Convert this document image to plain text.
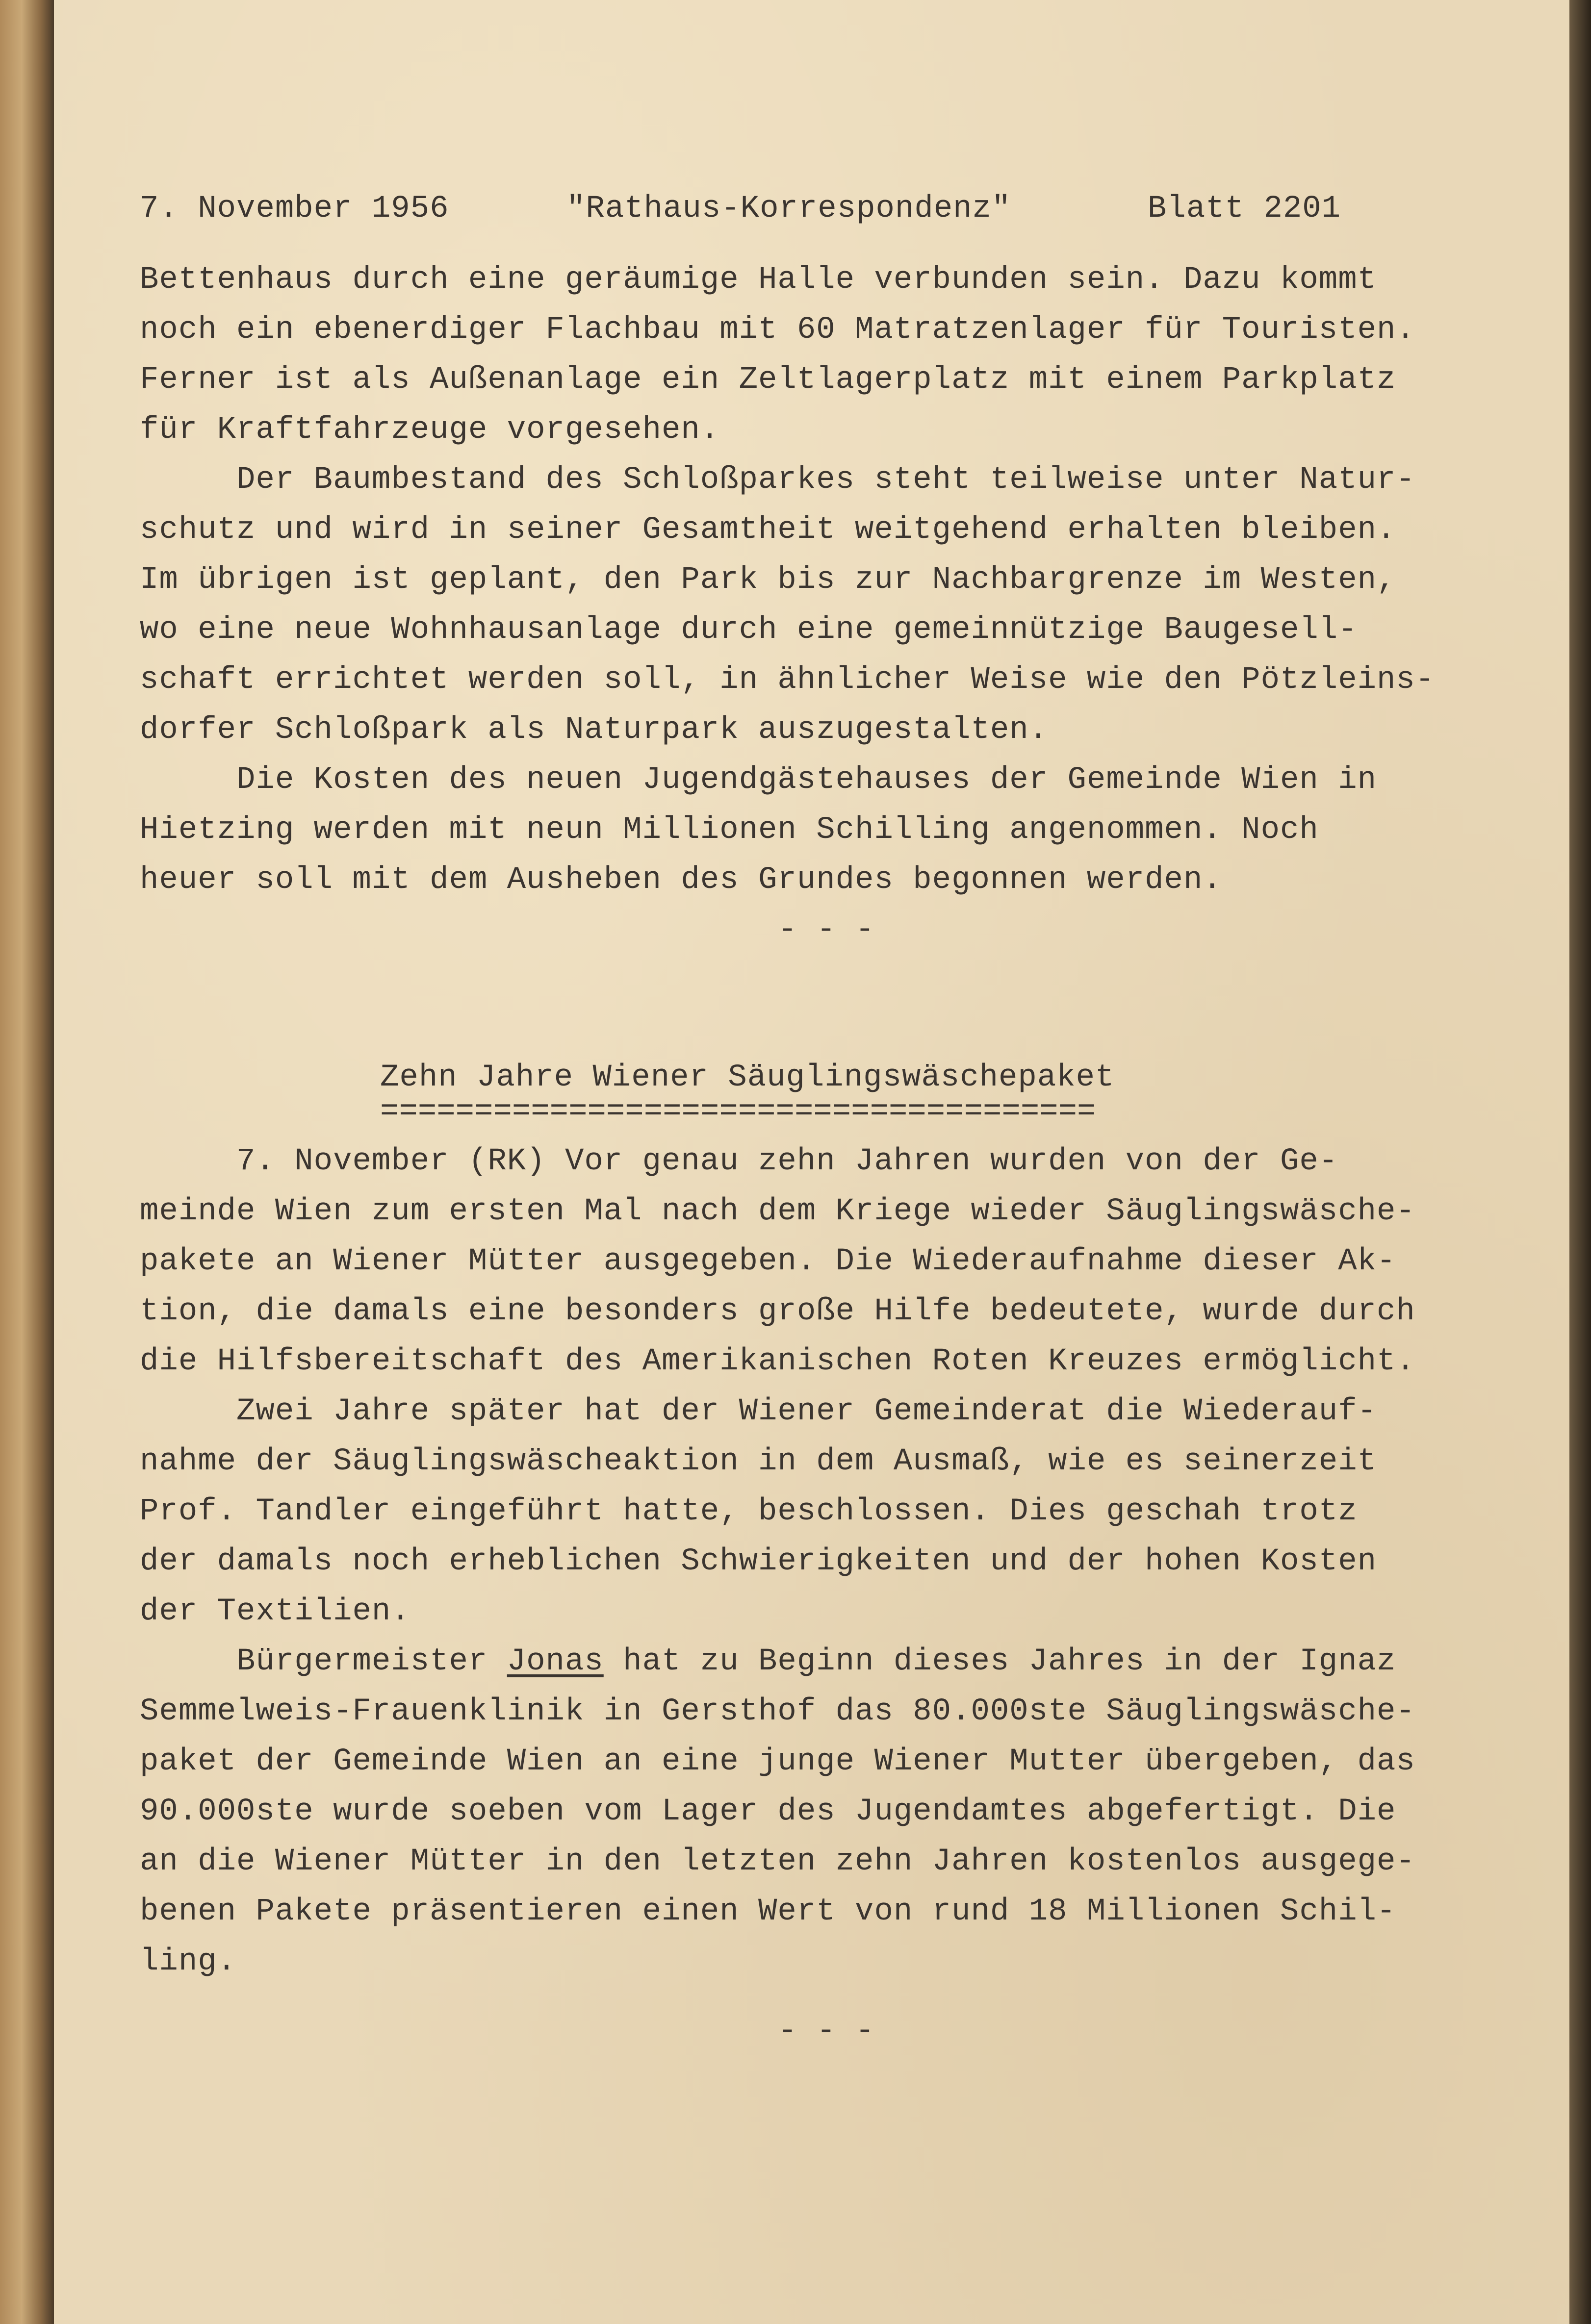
7. November 1956	"Rathaus-Korrespondenz"	Blatt 2201
Bettenhaus durch eine geräumige Halle verbunden sein. Dazu kommt
noch ein ebenerdiger Flachbau mit 60 Matratzenlager für Touristen.
Ferner ist als Außenanlage ein Zeltlagerplatz mit einem Parkplatz
für Kraftfahrzeuge vorgesehen.
Der Baumbestand des Schloßparkes steht teilweise unter Natur-
schutz und wird in seiner Gesamtheit weitgehend erhalten bleiben.
Im übrigen ist geplant, den Park bis zur Nachbargrenze im Westen,
wo eine neue Wohnhausanlage durch eine gemeinnützige Baugesell-
schaft errichtet werden soll, in ähnlicher Weise wie den Pötzleins-
dorfer Schloßpark als Naturpark auszugestalten.
Die Kosten des neuen Jugendgästehauses der Gemeinde Wien in
Hietzing werden mit neun Millionen Schilling angenommen. Noch
heuer soll mit dem Ausheben des Grundes begonnen werden.
- - -
Zehn Jahre Wiener Säuglingswäschepaket
======================================
7. November (RK) Vor genau zehn Jahren wurden von der Ge-
meinde Wien zum ersten Mal nach dem Kriege wieder Säuglingswäsche-
pakete an Wiener Mütter ausgegeben. Die Wiederaufnahme dieser Ak-
tion, die damals eine besonders große Hilfe bedeutete, wurde durch
die Hilfsbereitschaft des Amerikanischen Roten Kreuzes ermöglicht.
Zwei Jahre später hat der Wiener Gemeinderat die Wiederauf-
nahme der Säuglingswäscheaktion in dem Ausmaß, wie es seinerzeit
Prof. Tandler eingeführt hatte, beschlossen. Dies geschah trotz
der damals noch erheblichen Schwierigkeiten und der hohen Kosten
der Textilien.
Bürgermeister Jonas hat zu Beginn dieses Jahres in der Ignaz
Semmelweis-Frauenklinik in Gersthof das 80.000ste Säuglingswäsche-
paket der Gemeinde Wien an eine junge Wiener Mutter übergeben, das
90.000ste wurde soeben vom Lager des Jugendamtes abgefertigt. Die
an die Wiener Mütter in den letzten zehn Jahren kostenlos ausgege-
benen Pakete präsentieren einen Wert von rund 18 Millionen Schil-
ling.
- - -
